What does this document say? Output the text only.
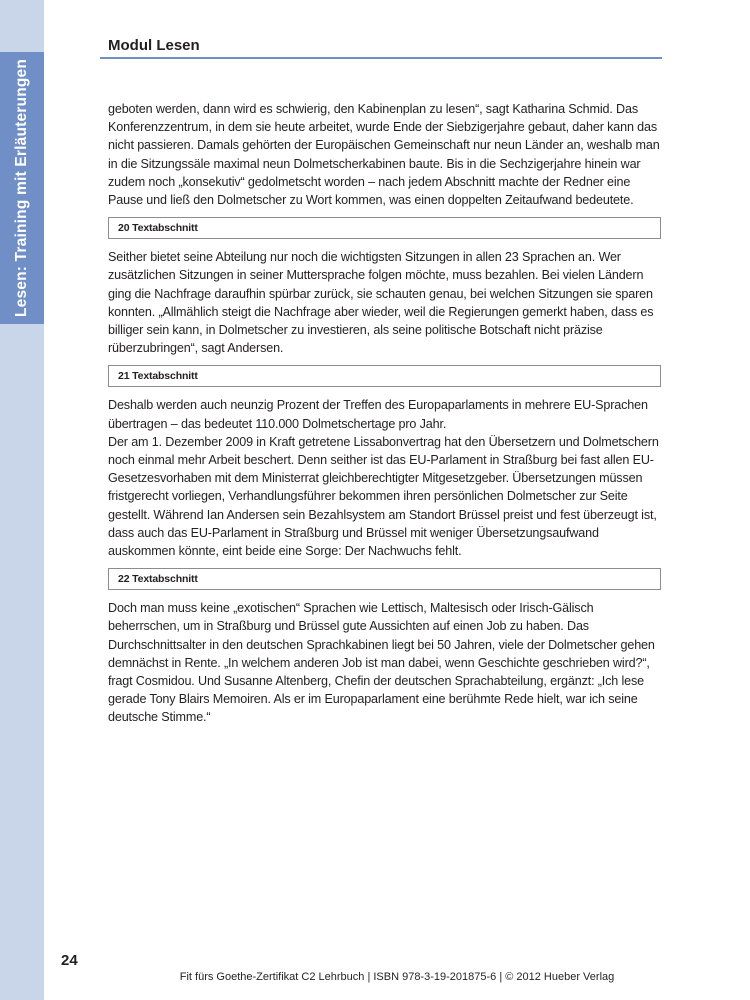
Lesen: Training mit Erläuterungen
Modul Lesen

geboten werden, dann wird es schwierig, den Kabinenplan zu lesen“, sagt Katharina Schmid. Das Konferenzzentrum, in dem sie heute arbeitet, wurde Ende der Siebzigerjahre gebaut, daher kann das nicht passieren. Damals gehörten der Europäischen Gemeinschaft nur neun Länder an, weshalb man in die Sitzungssäle maximal neun Dolmetscherkabinen baute. Bis in die Sechzigerjahre hinein war zudem noch „konsekutiv“ gedolmetscht worden – nach jedem Abschnitt machte der Redner eine Pause und ließ den Dolmetscher zu Wort kommen, was einen doppelten Zeitaufwand bedeutete.

20 Textabschnitt

Seither bietet seine Abteilung nur noch die wichtigsten Sitzungen in allen 23 Sprachen an. Wer zusätzlichen Sitzungen in seiner Muttersprache folgen möchte, muss bezahlen. Bei vielen Ländern ging die Nachfrage daraufhin spürbar zurück, sie schauten genau, bei welchen Sitzungen sie sparen konnten. „Allmählich steigt die Nachfrage aber wieder, weil die Regierungen gemerkt haben, dass es billiger sein kann, in Dolmetscher zu investieren, als seine politische Botschaft nicht präzise rüberzubringen“, sagt Andersen.

21 Textabschnitt

Deshalb werden auch neunzig Prozent der Treffen des Europaparlaments in mehrere EU-Sprachen übertragen – das bedeutet 110.000 Dolmetschertage pro Jahr.

Der am 1. Dezember 2009 in Kraft getretene Lissabonvertrag hat den Übersetzern und Dolmetschern noch einmal mehr Arbeit beschert. Denn seither ist das EU-Parlament in Straßburg bei fast allen EU-Gesetzesvorhaben mit dem Ministerrat gleichberechtigter Mitgesetzgeber. Übersetzungen müssen fristgerecht vorliegen, Verhandlungsführer bekommen ihren persönlichen Dolmetscher zur Seite gestellt. Während Ian Andersen sein Bezahlsystem am Standort Brüssel preist und fest überzeugt ist, dass auch das EU-Parlament in Straßburg und Brüssel mit weniger Übersetzungsaufwand auskommen könnte, eint beide eine Sorge: Der Nachwuchs fehlt.

22 Textabschnitt

Doch man muss keine „exotischen“ Sprachen wie Lettisch, Maltesisch oder Irisch-Gälisch beherrschen, um in Straßburg und Brüssel gute Aussichten auf einen Job zu haben. Das Durchschnittsalter in den deutschen Sprachkabinen liegt bei 50 Jahren, viele der Dolmetscher gehen demnächst in Rente. „In welchem anderen Job ist man dabei, wenn Geschichte geschrieben wird?“, fragt Cosmidou. Und Susanne Altenberg, Chefin der deutschen Sprachabteilung, ergänzt: „Ich lese gerade Tony Blairs Memoiren. Als er im Europaparlament eine berühmte Rede hielt, war ich seine deutsche Stimme.“

24
Fit fürs Goethe-Zertifikat C2 Lehrbuch | ISBN 978-3-19-201875-6 | © 2012 Hueber Verlag
